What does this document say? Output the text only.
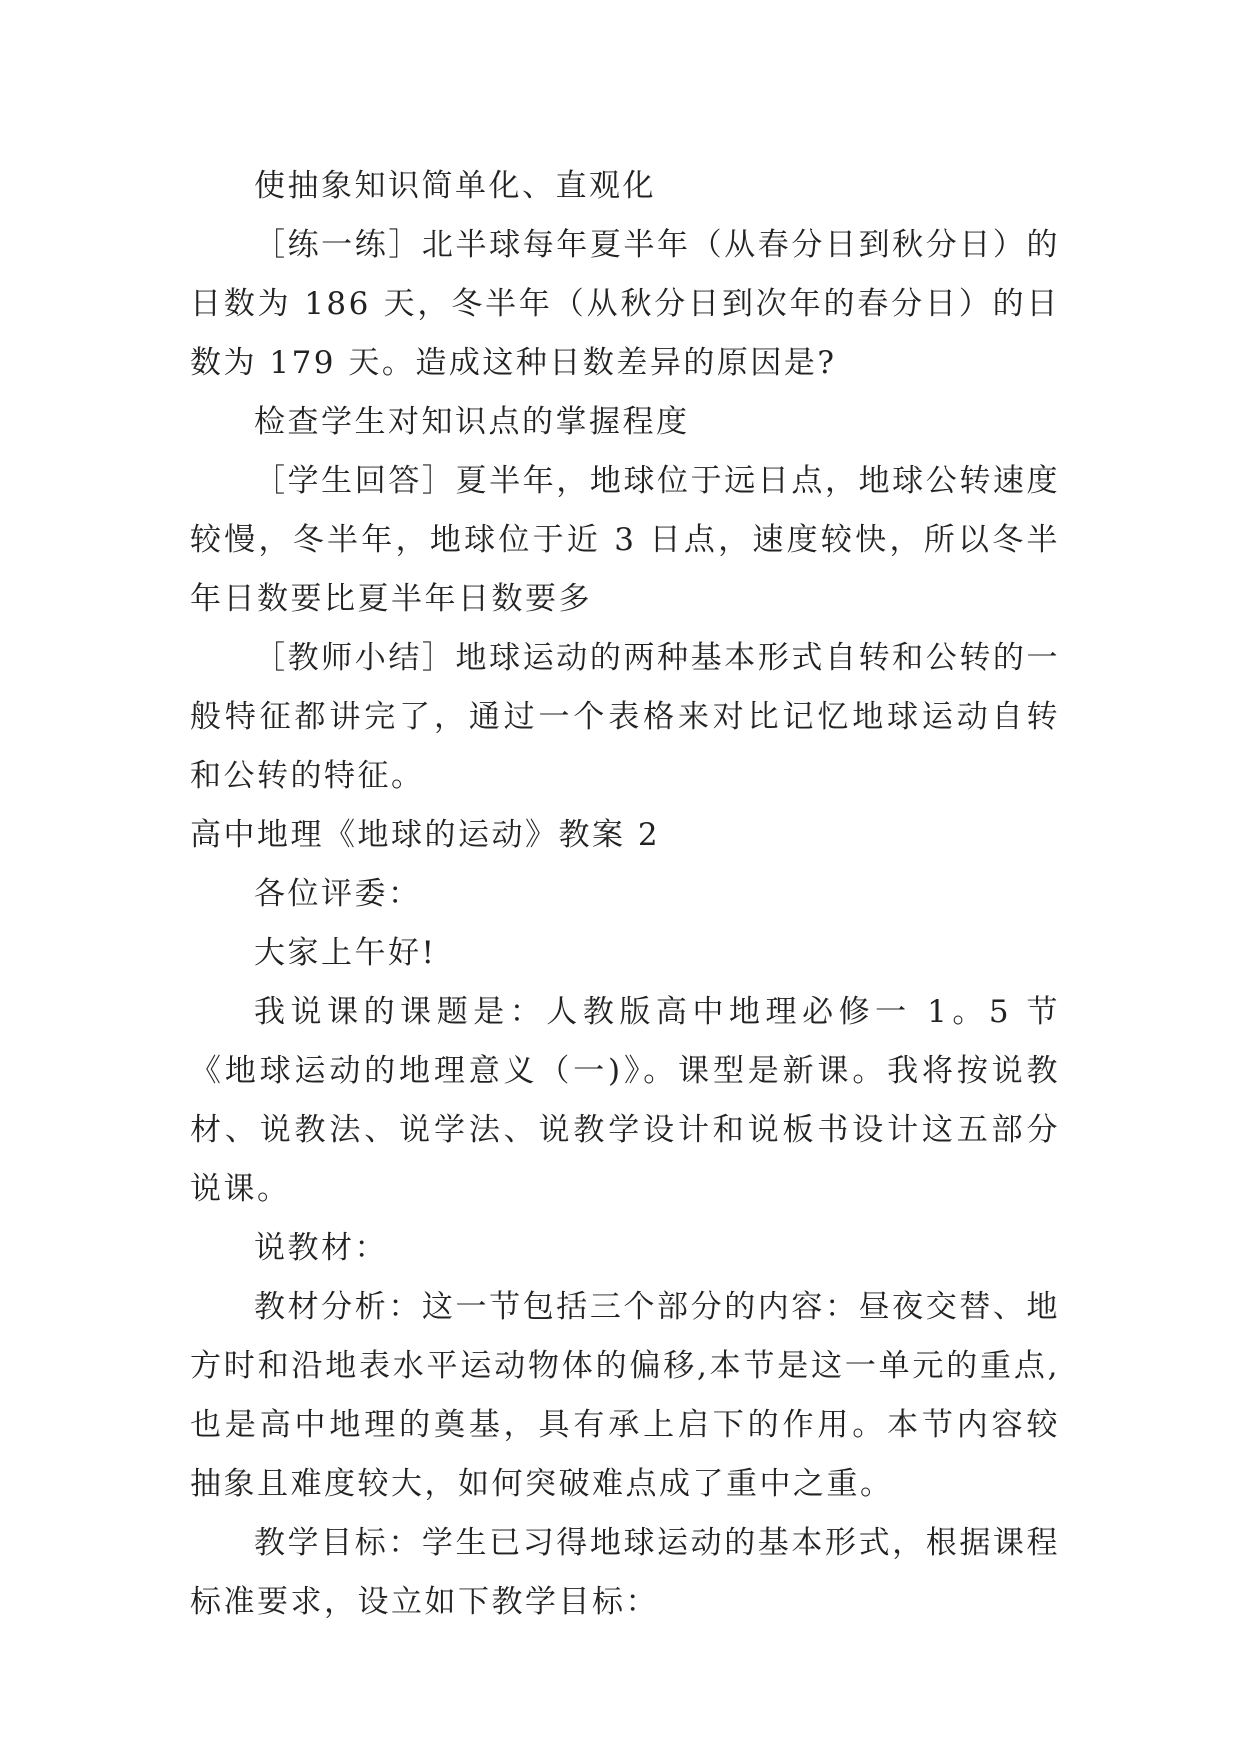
使抽象知识简单化、直观化

［练一练］北半球每年夏半年（从春分日到秋分日）的日数为 186 天，冬半年（从秋分日到次年的春分日）的日数为 179 天。造成这种日数差异的原因是?

检查学生对知识点的掌握程度

［学生回答］夏半年，地球位于远日点，地球公转速度较慢，冬半年，地球位于近 3 日点，速度较快，所以冬半年日数要比夏半年日数要多

［教师小结］地球运动的两种基本形式自转和公转的一般特征都讲完了，通过一个表格来对比记忆地球运动自转和公转的特征。

高中地理《地球的运动》教案 2

各位评委：

大家上午好!

我说课的课题是：人教版高中地理必修一 1。5 节《地球运动的地理意义（一)》。课型是新课。我将按说教材、说教法、说学法、说教学设计和说板书设计这五部分说课。

说教材：

教材分析：这一节包括三个部分的内容：昼夜交替、地方时和沿地表水平运动物体的偏移,本节是这一单元的重点,也是高中地理的奠基，具有承上启下的作用。本节内容较抽象且难度较大，如何突破难点成了重中之重。

教学目标：学生已习得地球运动的基本形式，根据课程标准要求，设立如下教学目标：
